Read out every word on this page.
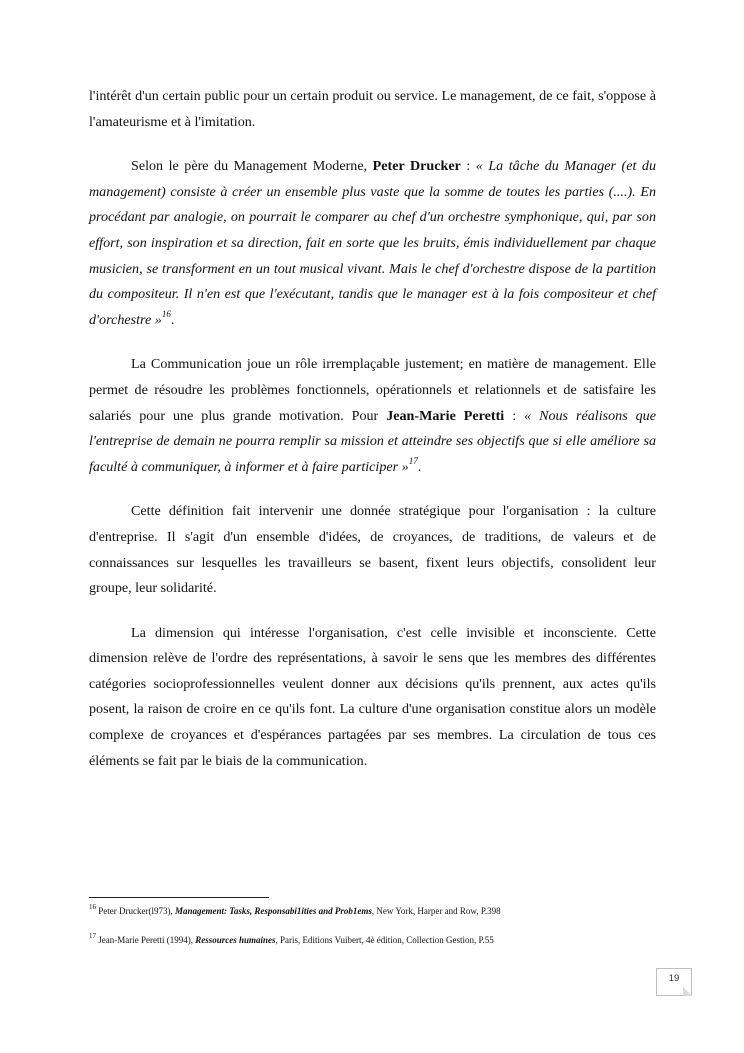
l'intérêt d'un certain public pour un certain produit ou service. Le management, de ce fait, s'oppose à l'amateurisme et à l'imitation.

Selon le père du Management Moderne, Peter Drucker : « La tâche du Manager (et du management) consiste à créer un ensemble plus vaste que la somme de toutes les parties (....). En procédant par analogie, on pourrait le comparer au chef d'un orchestre symphonique, qui, par son effort, son inspiration et sa direction, fait en sorte que les bruits, émis individuellement par chaque musicien, se transforment en un tout musical vivant. Mais le chef d'orchestre dispose de la partition du compositeur. Il n'en est que l'exécutant, tandis que le manager est à la fois compositeur et chef d'orchestre »$^{16}$.

La Communication joue un rôle irremplaçable justement; en matière de management. Elle permet de résoudre les problèmes fonctionnels, opérationnels et relationnels et de satisfaire les salariés pour une plus grande motivation. Pour Jean-Marie Peretti : « Nous réalisons que l'entreprise de demain ne pourra remplir sa mission et atteindre ses objectifs que si elle améliore sa faculté à communiquer, à informer et à faire participer »$^{17}$.

Cette définition fait intervenir une donnée stratégique pour l'organisation : la culture d'entreprise. Il s'agit d'un ensemble d'idées, de croyances, de traditions, de valeurs et de connaissances sur lesquelles les travailleurs se basent, fixent leurs objectifs, consolident leur groupe, leur solidarité.

La dimension qui intéresse l'organisation, c'est celle invisible et inconsciente. Cette dimension relève de l'ordre des représentations, à savoir le sens que les membres des différentes catégories socioprofessionnelles veulent donner aux décisions qu'ils prennent, aux actes qu'ils posent, la raison de croire en ce qu'ils font. La culture d'une organisation constitue alors un modèle complexe de croyances et d'espérances partagées par ses membres. La circulation de tous ces éléments se fait par le biais de la communication.

$^{16}$ Peter Drucker(l973), Management: Tasks, Responsabi1ities and Prob1ems, New York, Harper and Row, P.398

$^{17}$ Jean-Marie Peretti (1994), Ressources humaines, Paris, Editions Vuibert, 4è édition, Collection Gestion, P.55

19
